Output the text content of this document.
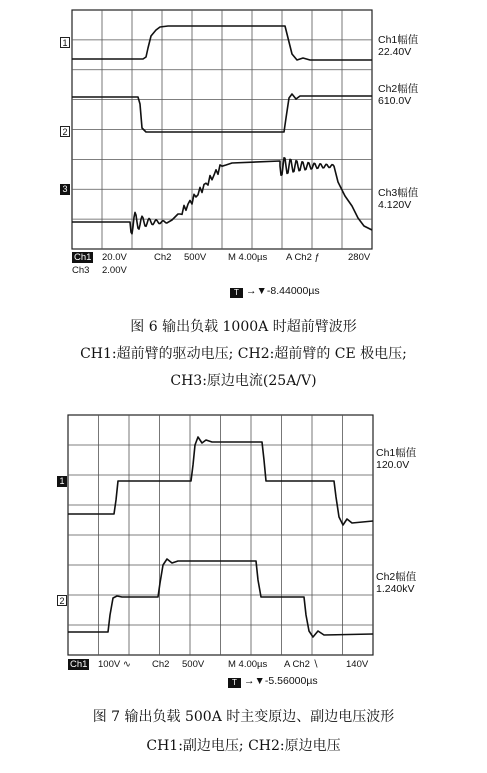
1
2
3
Ch1幅值
22.40V
Ch2幅值
610.0V
Ch3幅值
4.120V
Ch1 20.0V	Ch2 500V M 4.00µs A Ch2 ƒ	280V
Ch3 2.00V
T →▼-8.44000µs
图 6 输出负载 1000A 时超前臂波形
CH1:超前臂的驱动电压; CH2:超前臂的 CE 极电压;
CH3:原边电流(25A/V)
1
2
Ch1幅值
120.0V
Ch2幅值
1.240kV
Ch1 100V ∿ Ch2 500V	M 4.00µs A Ch2 ∖	140V
T →▼-5.56000µs
图 7 输出负载 500A 时主变原边、副边电压波形
CH1:副边电压; CH2:原边电压
